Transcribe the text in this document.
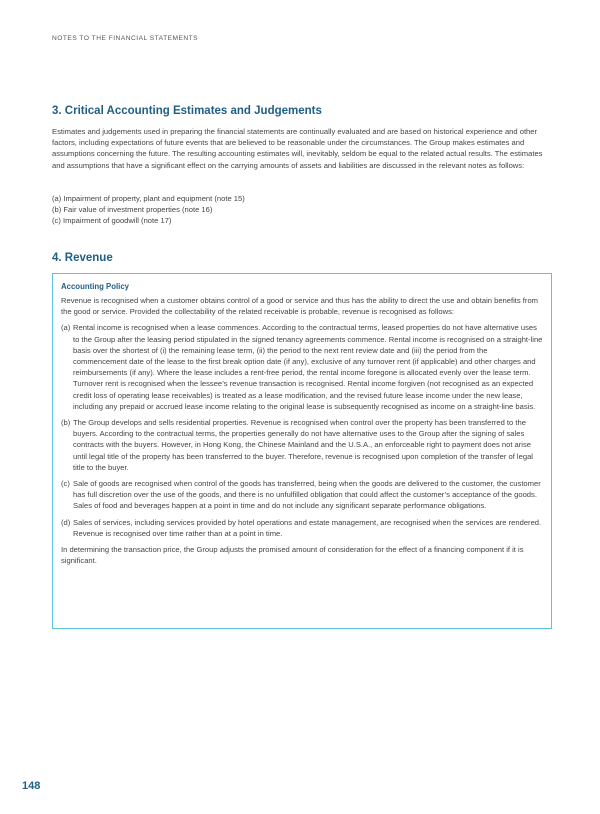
NOTES TO THE FINANCIAL STATEMENTS
3. Critical Accounting Estimates and Judgements

Estimates and judgements used in preparing the financial statements are continually evaluated and are based on historical experience and other factors, including expectations of future events that are believed to be reasonable under the circumstances. The Group makes estimates and assumptions concerning the future. The resulting accounting estimates will, inevitably, seldom be equal to the related actual results. The estimates and assumptions that have a significant effect on the carrying amounts of assets and liabilities are discussed in the relevant notes as follows:

(a) Impairment of property, plant and equipment (note 15)
(b) Fair value of investment properties (note 16)
(c) Impairment of goodwill (note 17)
4. Revenue
Accounting Policy

Revenue is recognised when a customer obtains control of a good or service and thus has the ability to direct the use and obtain benefits from the good or service. Provided the collectability of the related receivable is probable, revenue is recognised as follows:

(a) Rental income is recognised when a lease commences. According to the contractual terms, leased properties do not have alternative uses to the Group after the leasing period stipulated in the signed tenancy agreements commence. Rental income is recognised on a straight-line basis over the shortest of (i) the remaining lease term, (ii) the period to the next rent review date and (iii) the period from the commencement date of the lease to the first break option date (if any), exclusive of any turnover rent (if applicable) and other charges and reimbursements (if any). Where the lease includes a rent-free period, the rental income foregone is allocated evenly over the lease term. Turnover rent is recognised when the lessee’s revenue transaction is recognised. Rental income forgiven (not recognised as an expected credit loss of operating lease receivables) is treated as a lease modification, and the revised future lease income under the new lease, including any prepaid or accrued lease income relating to the original lease is subsequently recognised as income on a straight-line basis.
(b) The Group develops and sells residential properties. Revenue is recognised when control over the property has been transferred to the buyers. According to the contractual terms, the properties generally do not have alternative uses to the Group after the signing of sales contracts with the buyers. However, in Hong Kong, the Chinese Mainland and the U.S.A., an enforceable right to payment does not arise until legal title of the property has been transferred to the buyer. Therefore, revenue is recognised upon completion of the transfer of legal title to the buyer.
(c) Sale of goods are recognised when control of the goods has transferred, being when the goods are delivered to the customer, the customer has full discretion over the use of the goods, and there is no unfulfilled obligation that could affect the customer’s acceptance of the goods. Sales of food and beverages happen at a point in time and do not include any significant separate performance obligations.
(d) Sales of services, including services provided by hotel operations and estate management, are recognised when the services are rendered. Revenue is recognised over time rather than at a point in time.

In determining the transaction price, the Group adjusts the promised amount of consideration for the effect of a financing component if it is significant.

148
